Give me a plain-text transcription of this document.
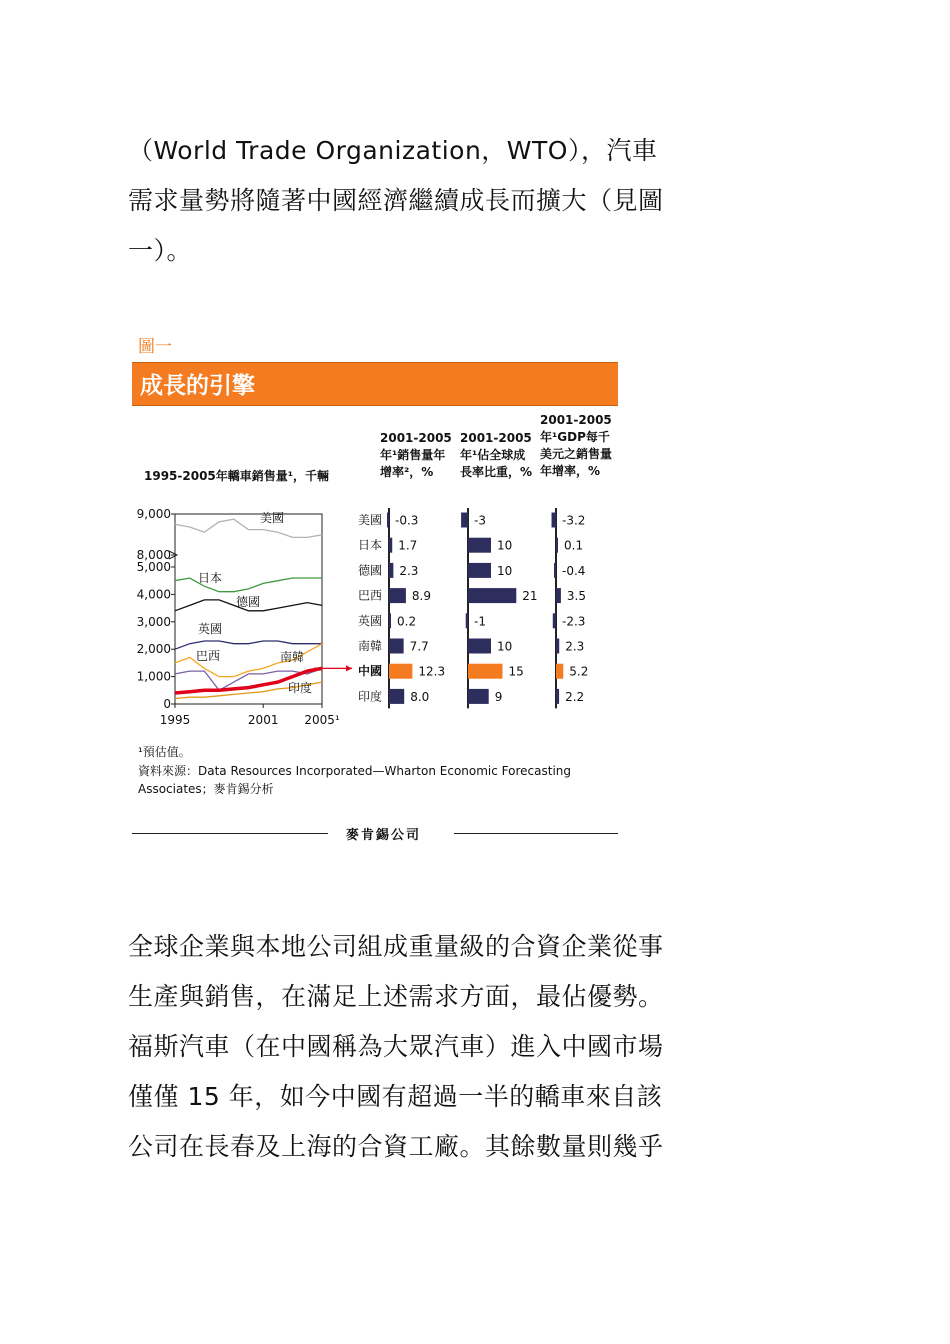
（World Trade Organization，WTO），汽車
需求量勢將隨著中國經濟繼續成長而擴大（見圖
一）。
圖一
成長的引擎
1995-2005年轎車銷售量¹，千輛
2001-2005年¹銷售量年增率²，%
2001-2005年¹佔全球成長率比重，%
2001-2005年¹GDP每千美元之銷售量年增率，%
0
1,000
2,000
3,000
4,000
5,000
8,000
9,000
1995	2001 2005¹
美國
日本
德國
英國
巴西	南韓
印度
美國
日本
德國
巴西
英國
南韓
中國
印度
-0.3
1.7
2.3
8.9
0.2
7.7
12.3
8.0
-3
10
10
21
-1
10
15
9
-3.2
0.1
-0.4
3.5
-2.3
2.3
5.2
2.2
¹預估值。
資料來源：Data Resources Incorporated—Wharton Economic Forecasting
Associates；麥肯錫分析
麥肯錫公司
全球企業與本地公司組成重量級的合資企業從事
生產與銷售，在滿足上述需求方面，最佔優勢。
福斯汽車（在中國稱為大眾汽車）進入中國市場
僅僅 15 年，如今中國有超過一半的轎車來自該
公司在長春及上海的合資工廠。其餘數量則幾乎
